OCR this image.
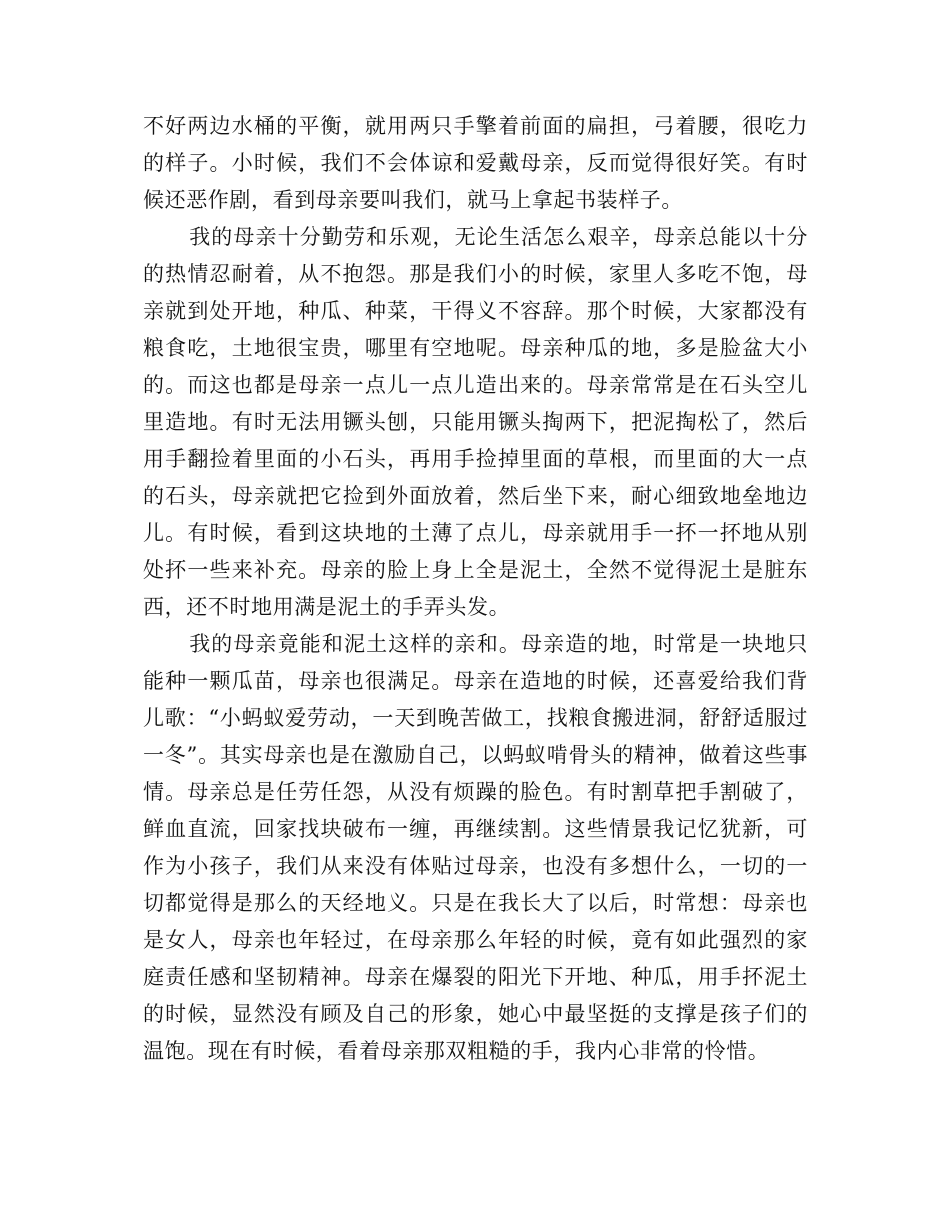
不好两边水桶的平衡，就用两只手擎着前面的扁担，弓着腰，很吃力的样子。小时候，我们不会体谅和爱戴母亲，反而觉得很好笑。有时候还恶作剧，看到母亲要叫我们，就马上拿起书装样子。

我的母亲十分勤劳和乐观，无论生活怎么艰辛，母亲总能以十分的热情忍耐着，从不抱怨。那是我们小的时候，家里人多吃不饱，母亲就到处开地，种瓜、种菜，干得义不容辞。那个时候，大家都没有粮食吃，土地很宝贵，哪里有空地呢。母亲种瓜的地，多是脸盆大小的。而这也都是母亲一点儿一点儿造出来的。母亲常常是在石头空儿里造地。有时无法用镢头刨，只能用镢头掏两下，把泥掏松了，然后用手翻捡着里面的小石头，再用手捡掉里面的草根，而里面的大一点的石头，母亲就把它捡到外面放着，然后坐下来，耐心细致地垒地边儿。有时候，看到这块地的土薄了点儿，母亲就用手一抔一抔地从别处抔一些来补充。母亲的脸上身上全是泥土，全然不觉得泥土是脏东西，还不时地用满是泥土的手弄头发。

我的母亲竟能和泥土这样的亲和。母亲造的地，时常是一块地只能种一颗瓜苗，母亲也很满足。母亲在造地的时候，还喜爱给我们背儿歌：“小蚂蚁爱劳动，一天到晚苦做工，找粮食搬进洞，舒舒适服过一冬”。其实母亲也是在激励自己，以蚂蚁啃骨头的精神，做着这些事情。母亲总是任劳任怨，从没有烦躁的脸色。有时割草把手割破了，鲜血直流，回家找块破布一缠，再继续割。这些情景我记忆犹新，可作为小孩子，我们从来没有体贴过母亲，也没有多想什么，一切的一切都觉得是那么的天经地义。只是在我长大了以后，时常想：母亲也是女人，母亲也年轻过，在母亲那么年轻的时候，竟有如此强烈的家庭责任感和坚韧精神。母亲在爆裂的阳光下开地、种瓜，用手抔泥土的时候，显然没有顾及自己的形象，她心中最坚挺的支撑是孩子们的温饱。现在有时候，看着母亲那双粗糙的手，我内心非常的怜惜。
